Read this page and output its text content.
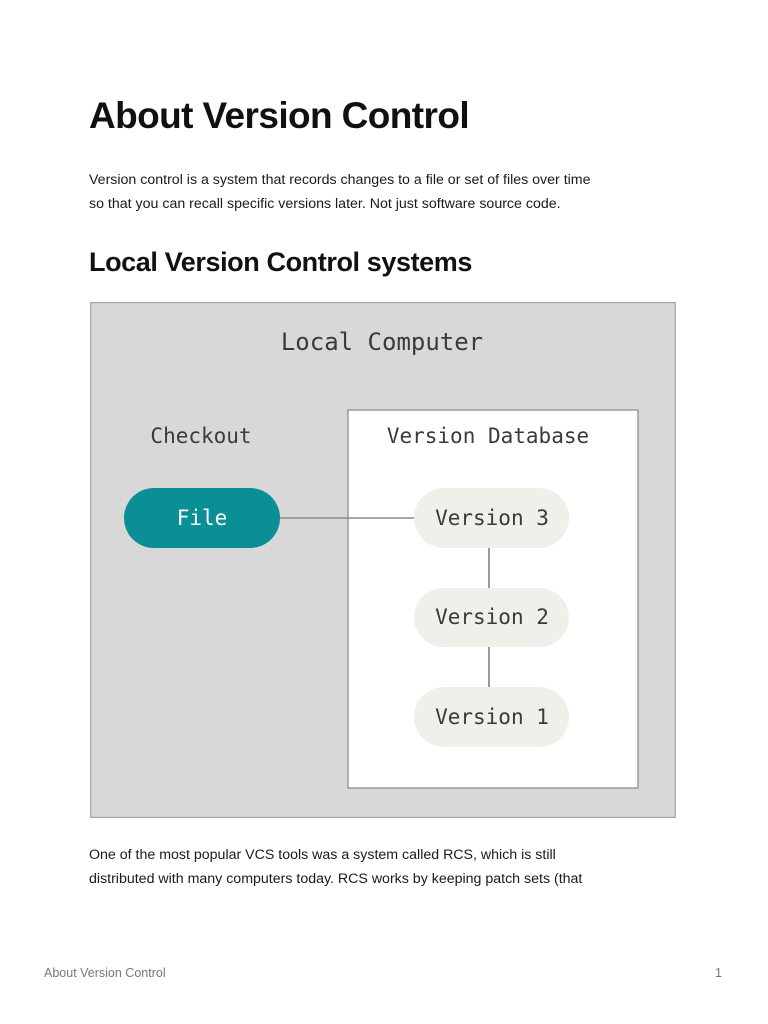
About Version Control

Version control is a system that records changes to a file or set of files over time
so that you can recall specific versions later. Not just software source code.

Local Version Control systems
Local Computer
Checkout	Version Database
File	Version 3
Version 2
Version 1

One of the most popular VCS tools was a system called RCS, which is still
distributed with many computers today. RCS works by keeping patch sets (that

About Version Control	1
